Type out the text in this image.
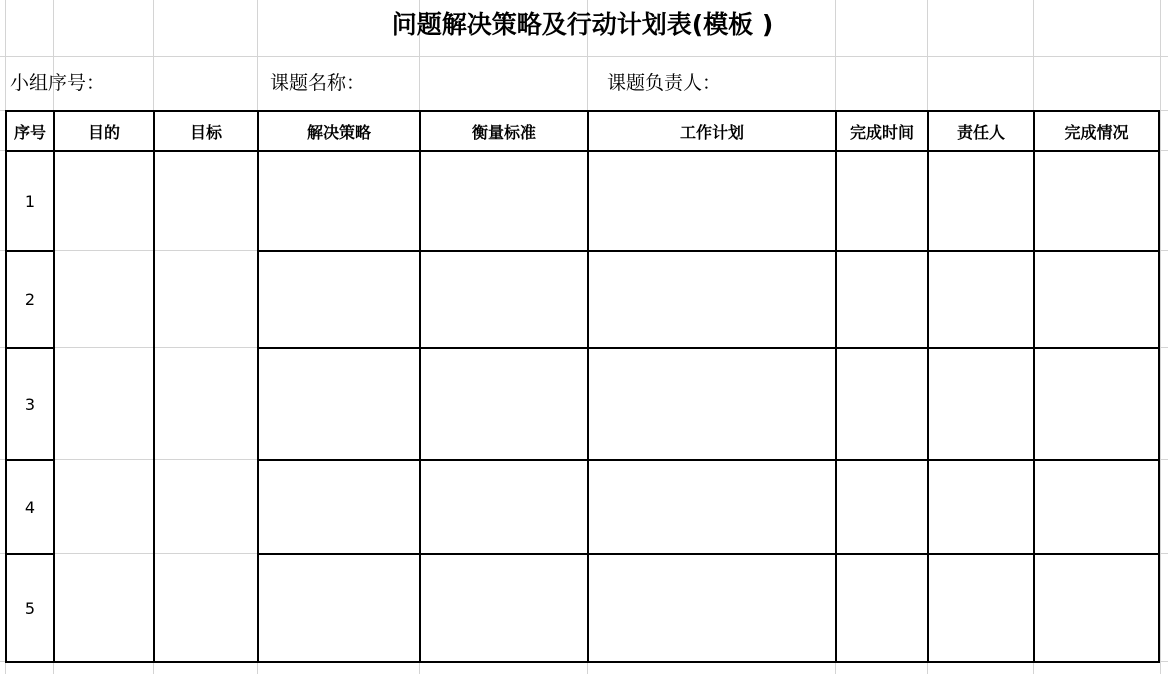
问题解决策略及行动计划表(模板 )
小组序号：	课题名称：	课题负责人：
序号	目的	目标	解决策略	衡量标准	工作计划	完成时间	责任人	完成情况
1								
2								
3								
4								
5								
